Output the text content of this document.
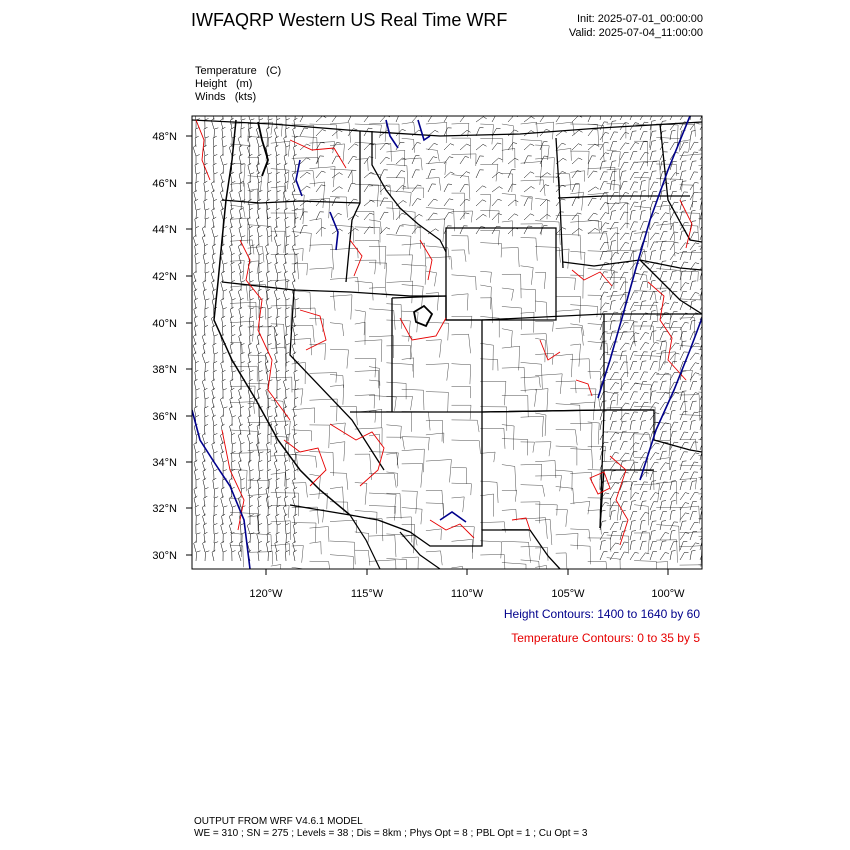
IWFAQRP Western US Real Time WRF	Init: 2025-07-01_00:00:00
Valid: 2025-07-04_11:00:00
Temperature (C)
Height (m)
Winds (kts)
48°N
46°N
44°N
42°N
40°N
38°N
36°N
34°N
32°N
30°N
120°W	115°W	110°W	105°W	100°W
Height Contours: 1400 to 1640 by 60
Temperature Contours: 0 to 35 by 5
OUTPUT FROM WRF V4.6.1 MODEL
WE = 310 ; SN = 275 ; Levels = 38 ; Dis = 8km ; Phys Opt = 8 ; PBL Opt = 1 ; Cu Opt = 3
